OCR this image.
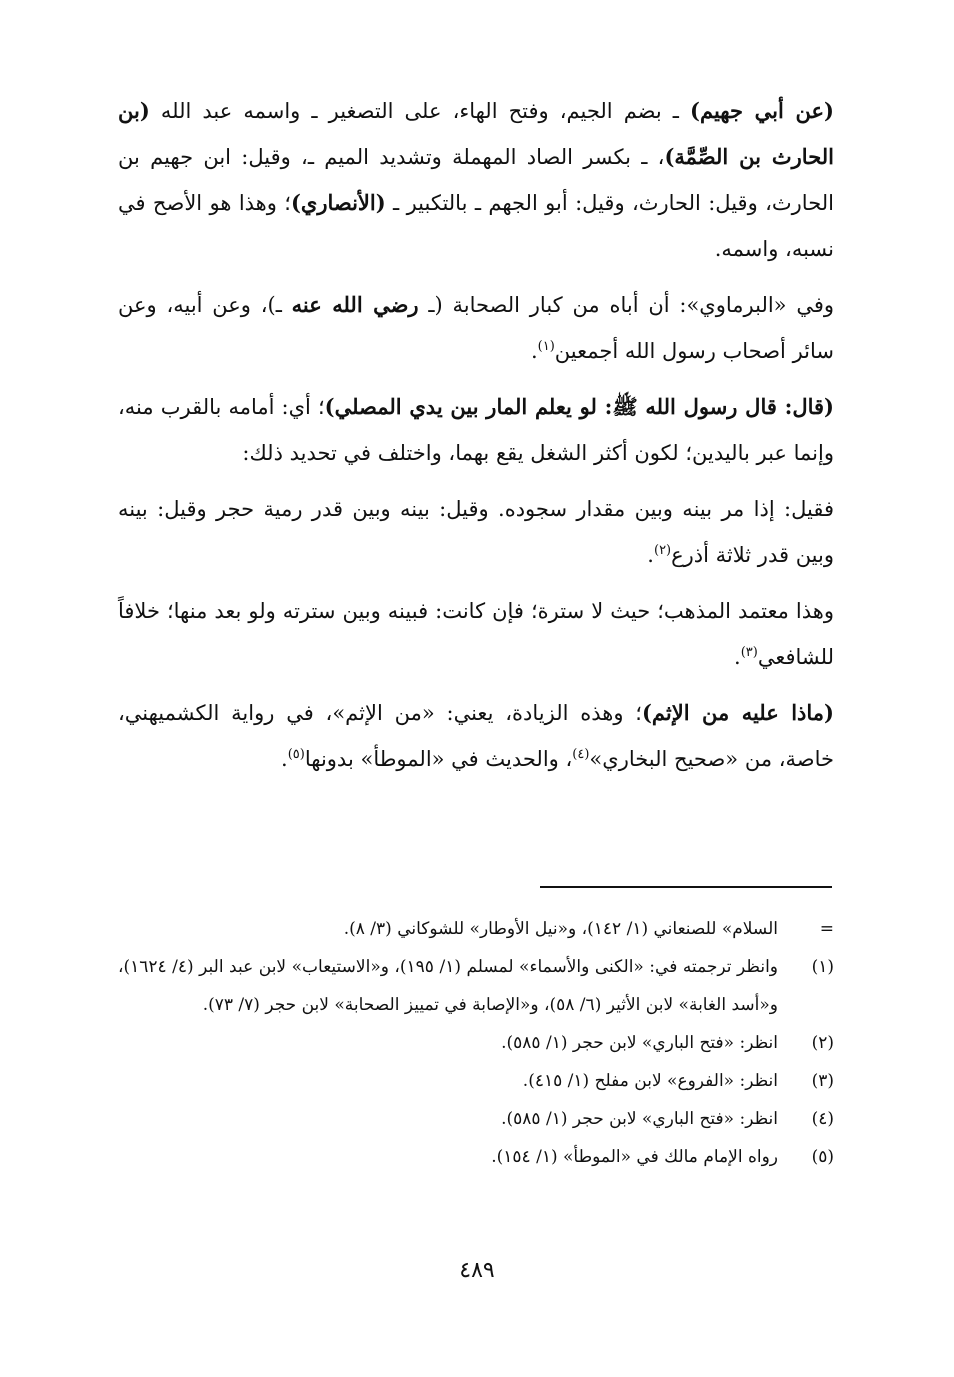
(عن أبي جهيم) ـ بضم الجيم، وفتح الهاء، على التصغير ـ واسمه عبد الله (بن الحارث بن الصِّمَّة)، ـ بكسر الصاد المهملة وتشديد الميم ـ، وقيل: ابن جهيم بن الحارث، وقيل: الحارث، وقيل: أبو الجهم ـ بالتكبير ـ (الأنصاري)؛ وهذا هو الأصح في نسبه، واسمه.

وفي «البرماوي»: أن أباه من كبار الصحابة (ـ رضي الله عنه ـ)، وعن أبيه، وعن سائر أصحاب رسول الله أجمعين$^{(١)}$.

(قال: قال رسول الله ﷺ: لو يعلم المار بين يدي المصلي)؛ أي: أمامه بالقرب منه، وإنما عبر باليدين؛ لكون أكثر الشغل يقع بهما، واختلف في تحديد ذلك:

فقيل: إذا مر بينه وبين مقدار سجوده. وقيل: بينه وبين قدر رمية حجر وقيل: بينه وبين قدر ثلاثة أذرع$^{(٢)}$.

وهذا معتمد المذهب؛ حيث لا سترة؛ فإن كانت: فبينه وبين سترته ولو بعد منها؛ خلافاً للشافعي$^{(٣)}$.

(ماذا عليه من الإثم)؛ وهذه الزيادة، يعني: «من الإثم»، في رواية الكشميهني، خاصة، من «صحيح البخاري»$^{(٤)}$، والحديث في «الموطأ» بدونها$^{(٥)}$.

=
السلام» للصنعاني (١/ ١٤٢)، و«نيل الأوطار» للشوكاني (٣/ ٨).
(١)
وانظر ترجمته في: «الكنى والأسماء» لمسلم (١/ ١٩٥)، و«الاستيعاب» لابن عبد البر (٤/ ١٦٢٤)، و«أسد الغابة» لابن الأثير (٦/ ٥٨)، و«الإصابة في تمييز الصحابة» لابن حجر (٧/ ٧٣).
(٢)
انظر: «فتح الباري» لابن حجر (١/ ٥٨٥).
(٣)
انظر: «الفروع» لابن مفلح (١/ ٤١٥).
(٤)
انظر: «فتح الباري» لابن حجر (١/ ٥٨٥).
(٥)
رواه الإمام مالك في «الموطأ» (١/ ١٥٤).
٤٨٩
